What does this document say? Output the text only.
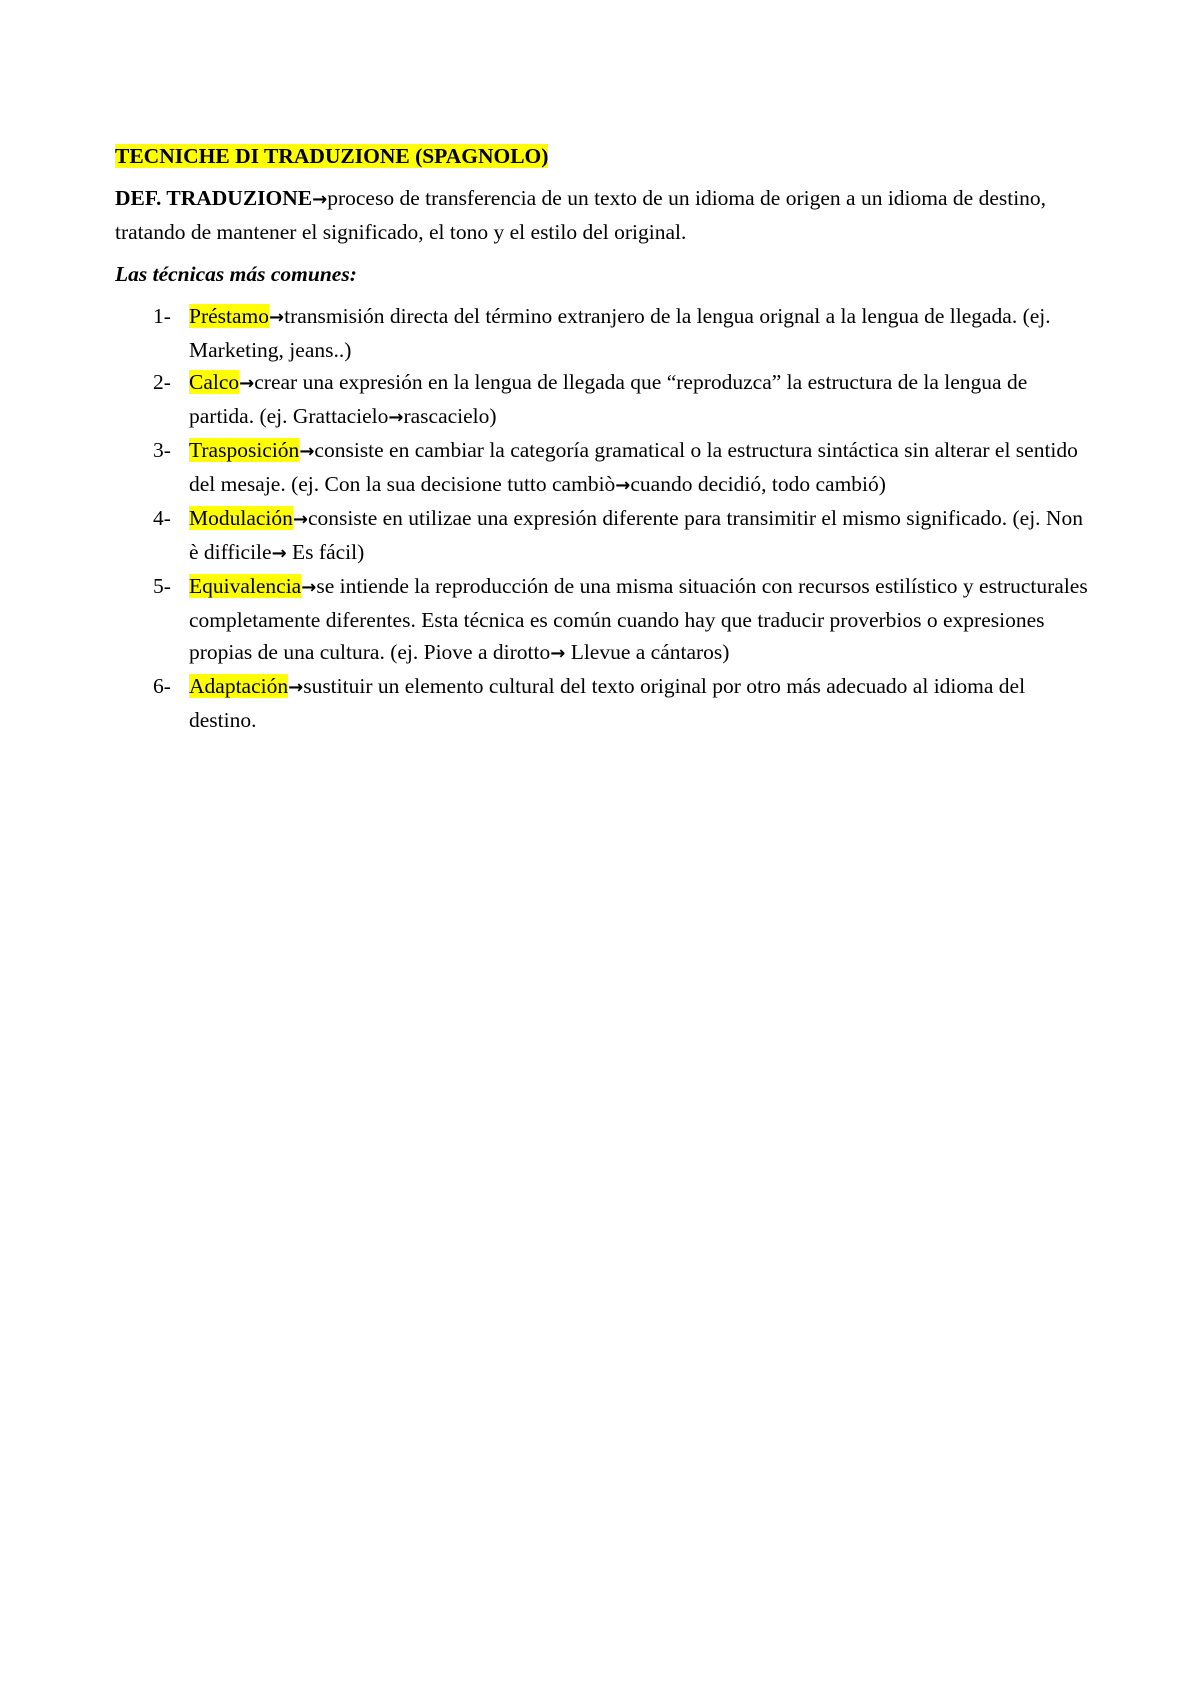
TECNICHE DI TRADUZIONE (SPAGNOLO)
DEF. TRADUZIONE→proceso de transferencia de un texto de un idioma de origen a un idioma de destino, tratando de mantener el significado, el tono y el estilo del original.
Las técnicas más comunes:
1- Préstamo→transmisión directa del término extranjero de la lengua orignal a la lengua de llegada. (ej. Marketing, jeans..)
2- Calco→crear una expresión en la lengua de llegada que “reproduzca” la estructura de la lengua de partida. (ej. Grattacielo→rascacielo)
3- Trasposición→consiste en cambiar la categoría gramatical o la estructura sintáctica sin alterar el sentido del mesaje. (ej. Con la sua decisione tutto cambiò→cuando decidió, todo cambió)
4- Modulación→consiste en utilizae una expresión diferente para transimitir el mismo significado. (ej. Non è difficile→ Es fácil)
5- Equivalencia→se intiende la reproducción de una misma situación con recursos estilístico y estructurales completamente diferentes. Esta técnica es común cuando hay que traducir proverbios o expresiones propias de una cultura. (ej. Piove a dirotto→ Llevue a cántaros)
6- Adaptación→sustituir un elemento cultural del texto original por otro más adecuado al idioma del destino.
